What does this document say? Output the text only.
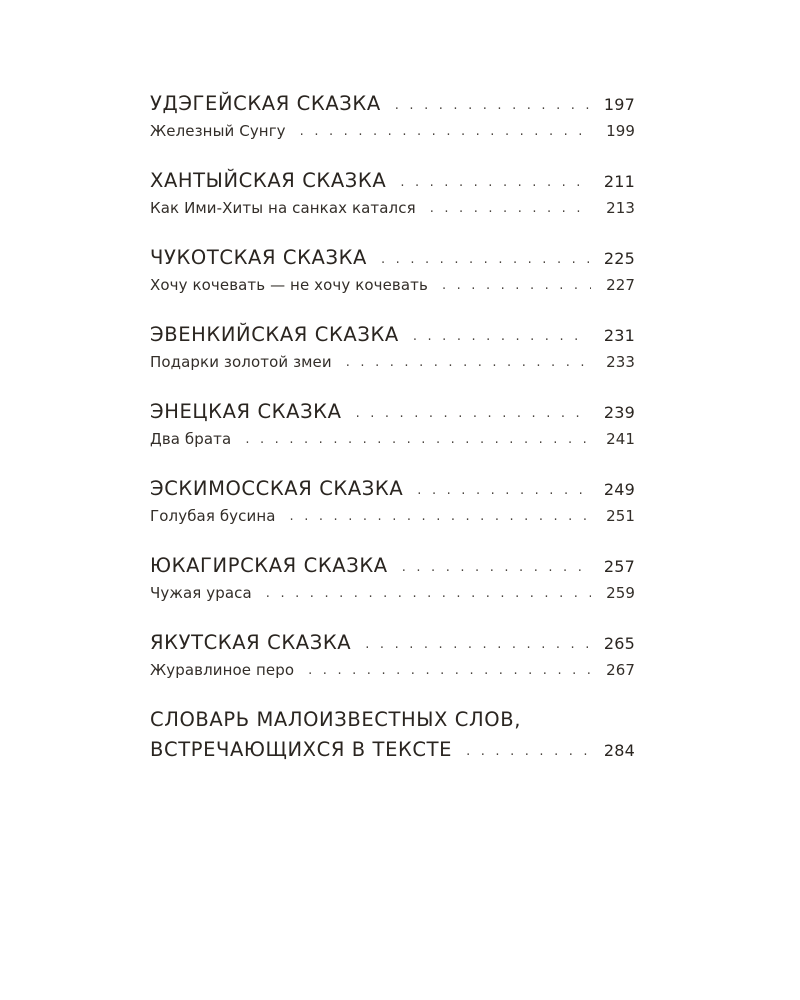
УДЭГЕЙСКАЯ СКАЗКА . . .	197
Железный Сунгу . . .	199
ХАНТЫЙСКАЯ СКАЗКА . . .	211
Как Ими-Хиты на санках катался . . .	213
ЧУКОТСКАЯ СКАЗКА . . .	225
Хочу кочевать — не хочу кочевать . . .	227
ЭВЕНКИЙСКАЯ СКАЗКА . . .	231
Подарки золотой змеи . . .	233
ЭНЕЦКАЯ СКАЗКА . . .	239
Два брата . . .	241
ЭСКИМОССКАЯ СКАЗКА . . .	249
Голубая бусина . . .	251
ЮКАГИРСКАЯ СКАЗКА . . .	257
Чужая ураса . . .	259
ЯКУТСКАЯ СКАЗКА . . .	265
Журавлиное перо . . .	267
СЛОВАРЬ МАЛОИЗВЕСТНЫХ СЛОВ,
ВСТРЕЧАЮЩИХСЯ В ТЕКСТЕ . . .	284
